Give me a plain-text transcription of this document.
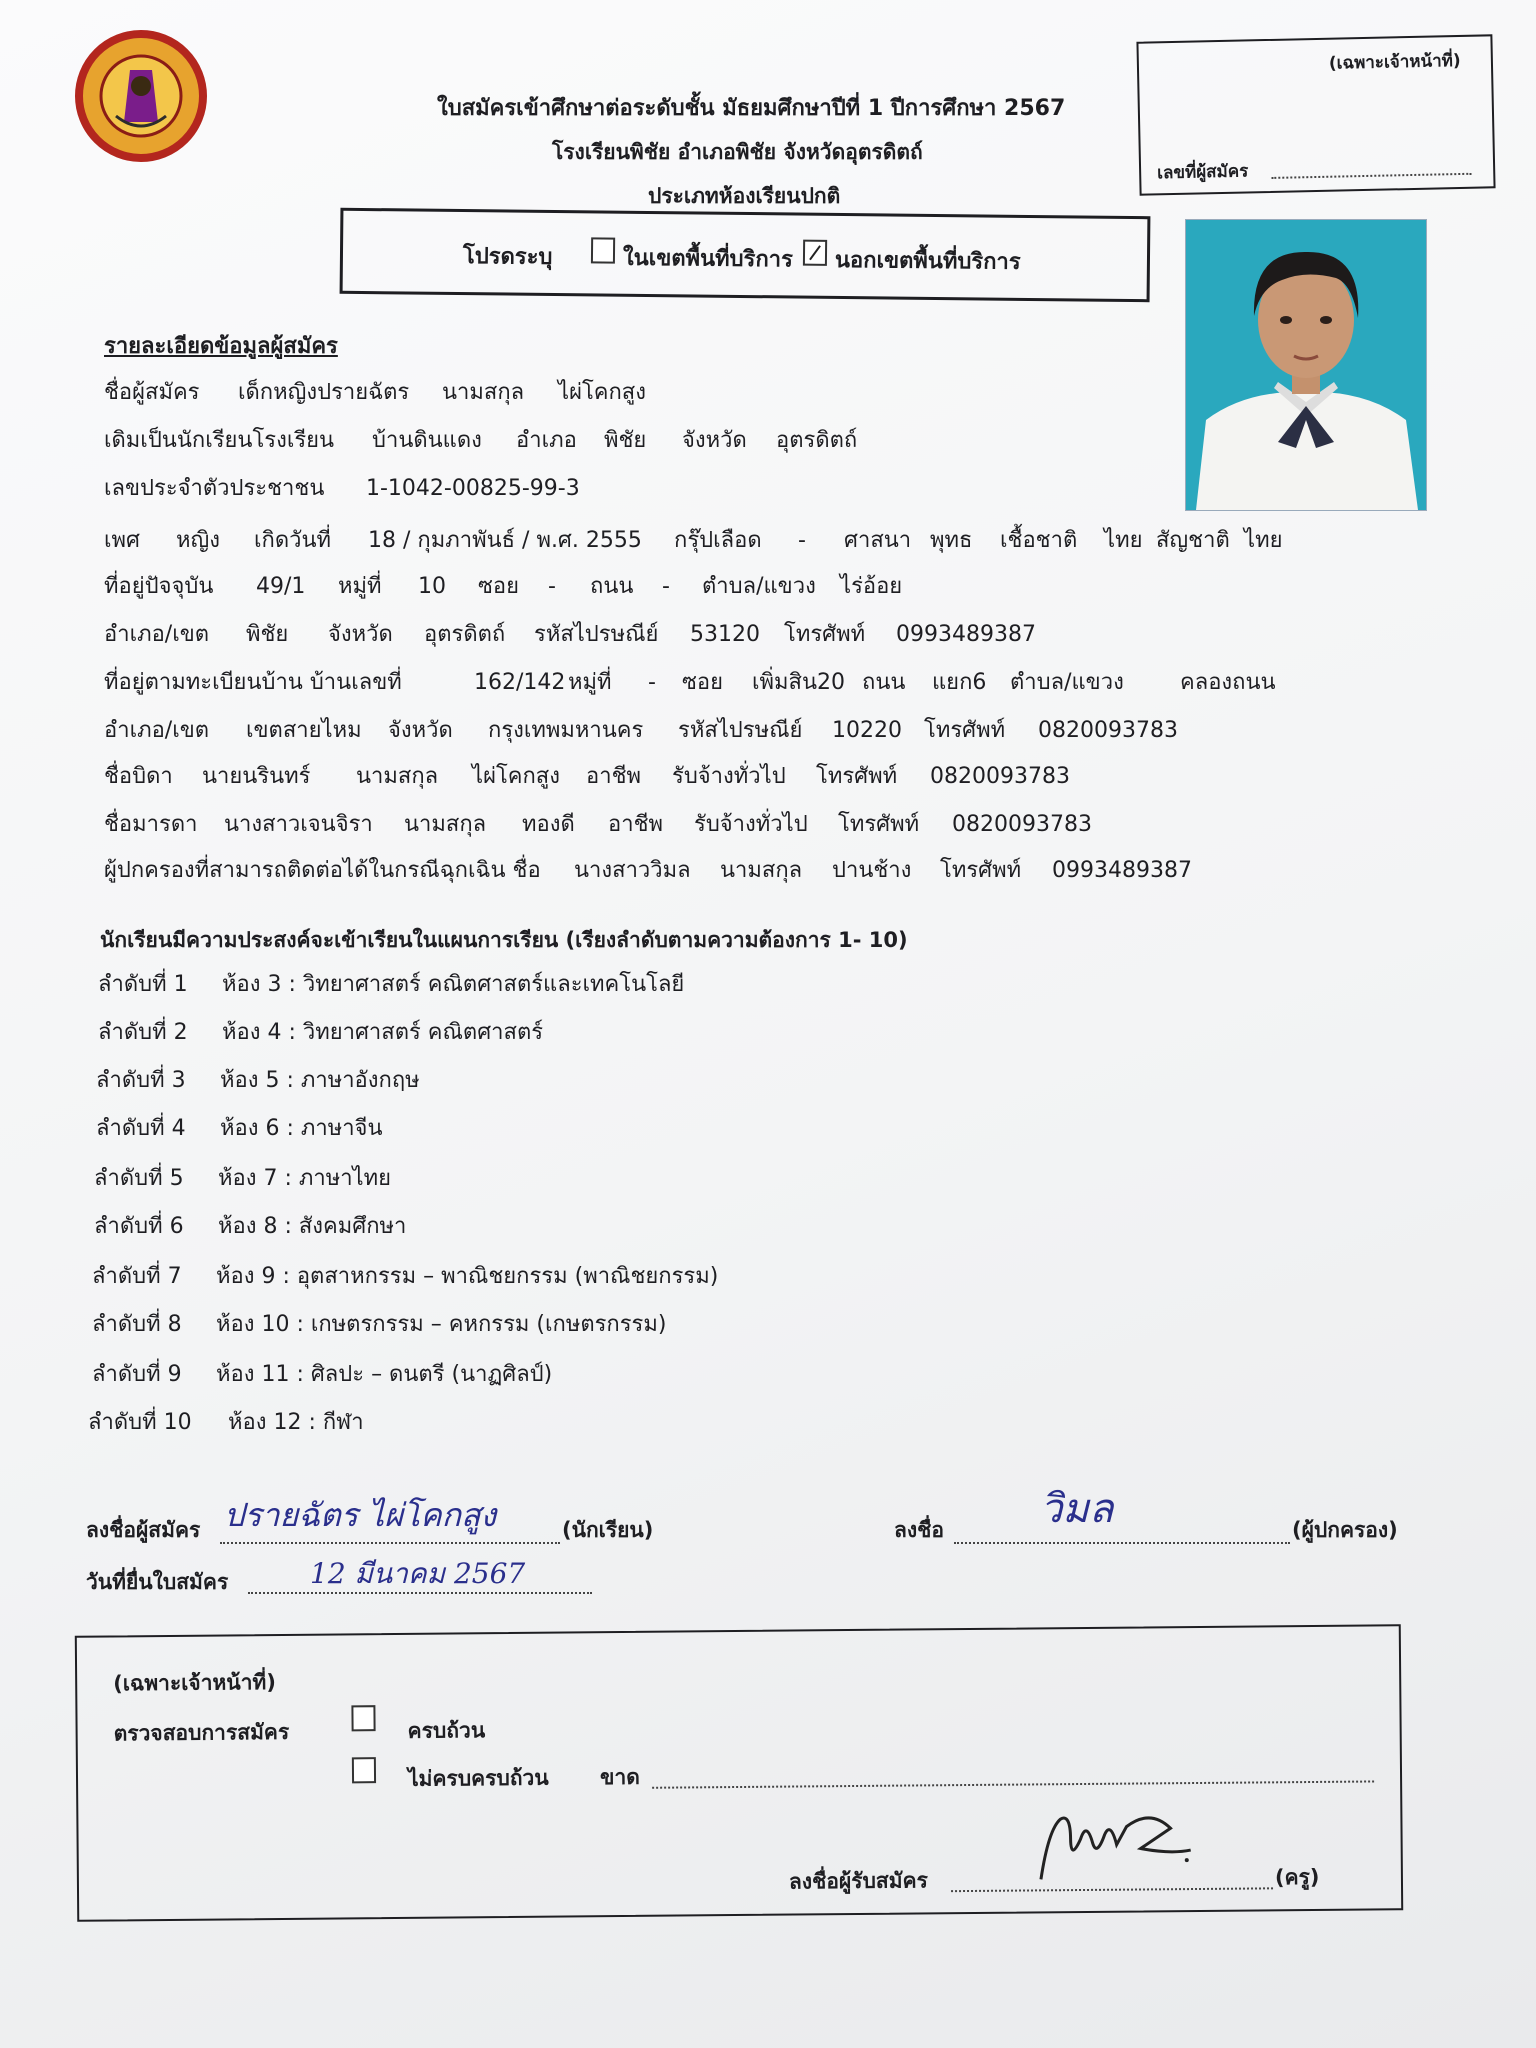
ใบสมัครเข้าศึกษาต่อระดับชั้น มัธยมศึกษาปีที่ 1 ปีการศึกษา 2567
โรงเรียนพิชัย อำเภอพิชัย จังหวัดอุตรดิตถ์
ประเภทห้องเรียนปกติ
(เฉพาะเจ้าหน้าที่)
เลขที่ผู้สมัคร
โปรดระบุ	ในเขตพื้นที่บริการ นอกเขตพื้นที่บริการ
รายละเอียดข้อมูลผู้สมัคร
ชื่อผู้สมัคร เด็กหญิงปรายฉัตร นามสกุล ไผ่โคกสูง
เดิมเป็นนักเรียนโรงเรียน บ้านดินแดง อำเภอ พิชัย จังหวัด อุตรดิตถ์
เลขประจำตัวประชาชน 1-1042-00825-99-3
เพศ หญิง เกิดวันที่ 18 / กุมภาพันธ์ / พ.ศ. 2555 กรุ๊ปเลือด - ศาสนา พุทธ เชื้อชาติ ไทย สัญชาติ ไทย
ที่อยู่ปัจจุบัน 49/1 หมู่ที่ 10 ซอย - ถนน - ตำบล/แขวง ไร่อ้อย
อำเภอ/เขต พิชัย จังหวัด อุตรดิตถ์ รหัสไปรษณีย์ 53120 โทรศัพท์ 0993489387
ที่อยู่ตามทะเบียนบ้าน บ้านเลขที่	162/142 หมู่ที่ - ซอย เพิ่มสิน20 ถนน แยก6 ตำบล/แขวง	คลองถนน
อำเภอ/เขต เขตสายไหม จังหวัด กรุงเทพมหานคร รหัสไปรษณีย์ 10220 โทรศัพท์ 0820093783
ชื่อบิดา นายนรินทร์ นามสกุล ไผ่โคกสูง อาชีพ รับจ้างทั่วไป โทรศัพท์ 0820093783
ชื่อมารดา นางสาวเจนจิรา นามสกุล ทองดี อาชีพ รับจ้างทั่วไป โทรศัพท์ 0820093783
ผู้ปกครองที่สามารถติดต่อได้ในกรณีฉุกเฉิน ชื่อ นางสาววิมล นามสกุล ปานช้าง โทรศัพท์ 0993489387
นักเรียนมีความประสงค์จะเข้าเรียนในแผนการเรียน (เรียงลำดับตามความต้องการ 1- 10)
ลำดับที่ 1 ห้อง 3 : วิทยาศาสตร์ คณิตศาสตร์และเทคโนโลยี
ลำดับที่ 2 ห้อง 4 : วิทยาศาสตร์ คณิตศาสตร์
ลำดับที่ 3 ห้อง 5 : ภาษาอังกฤษ
ลำดับที่ 4 ห้อง 6 : ภาษาจีน
ลำดับที่ 5 ห้อง 7 : ภาษาไทย
ลำดับที่ 6 ห้อง 8 : สังคมศึกษา
ลำดับที่ 7 ห้อง 9 : อุตสาหกรรม – พาณิชยกรรม (พาณิชยกรรม)
ลำดับที่ 8 ห้อง 10 : เกษตรกรรม – คหกรรม (เกษตรกรรม)
ลำดับที่ 9 ห้อง 11 : ศิลปะ – ดนตรี (นาฏศิลป์)
ลำดับที่ 10 ห้อง 12 : กีฬา
ลงชื่อผู้สมัคร ปรายฉัตร ไผ่โคกสูง	(นักเรียน)	ลงชื่อ วิมล	(ผู้ปกครอง)
วันที่ยื่นใบสมัคร	12 มีนาคม 2567
(เฉพาะเจ้าหน้าที่)
ตรวจสอบการสมัคร	ครบถ้วน
ไม่ครบครบถ้วน ขาด
ลงชื่อผู้รับสมัคร	(ครู)
